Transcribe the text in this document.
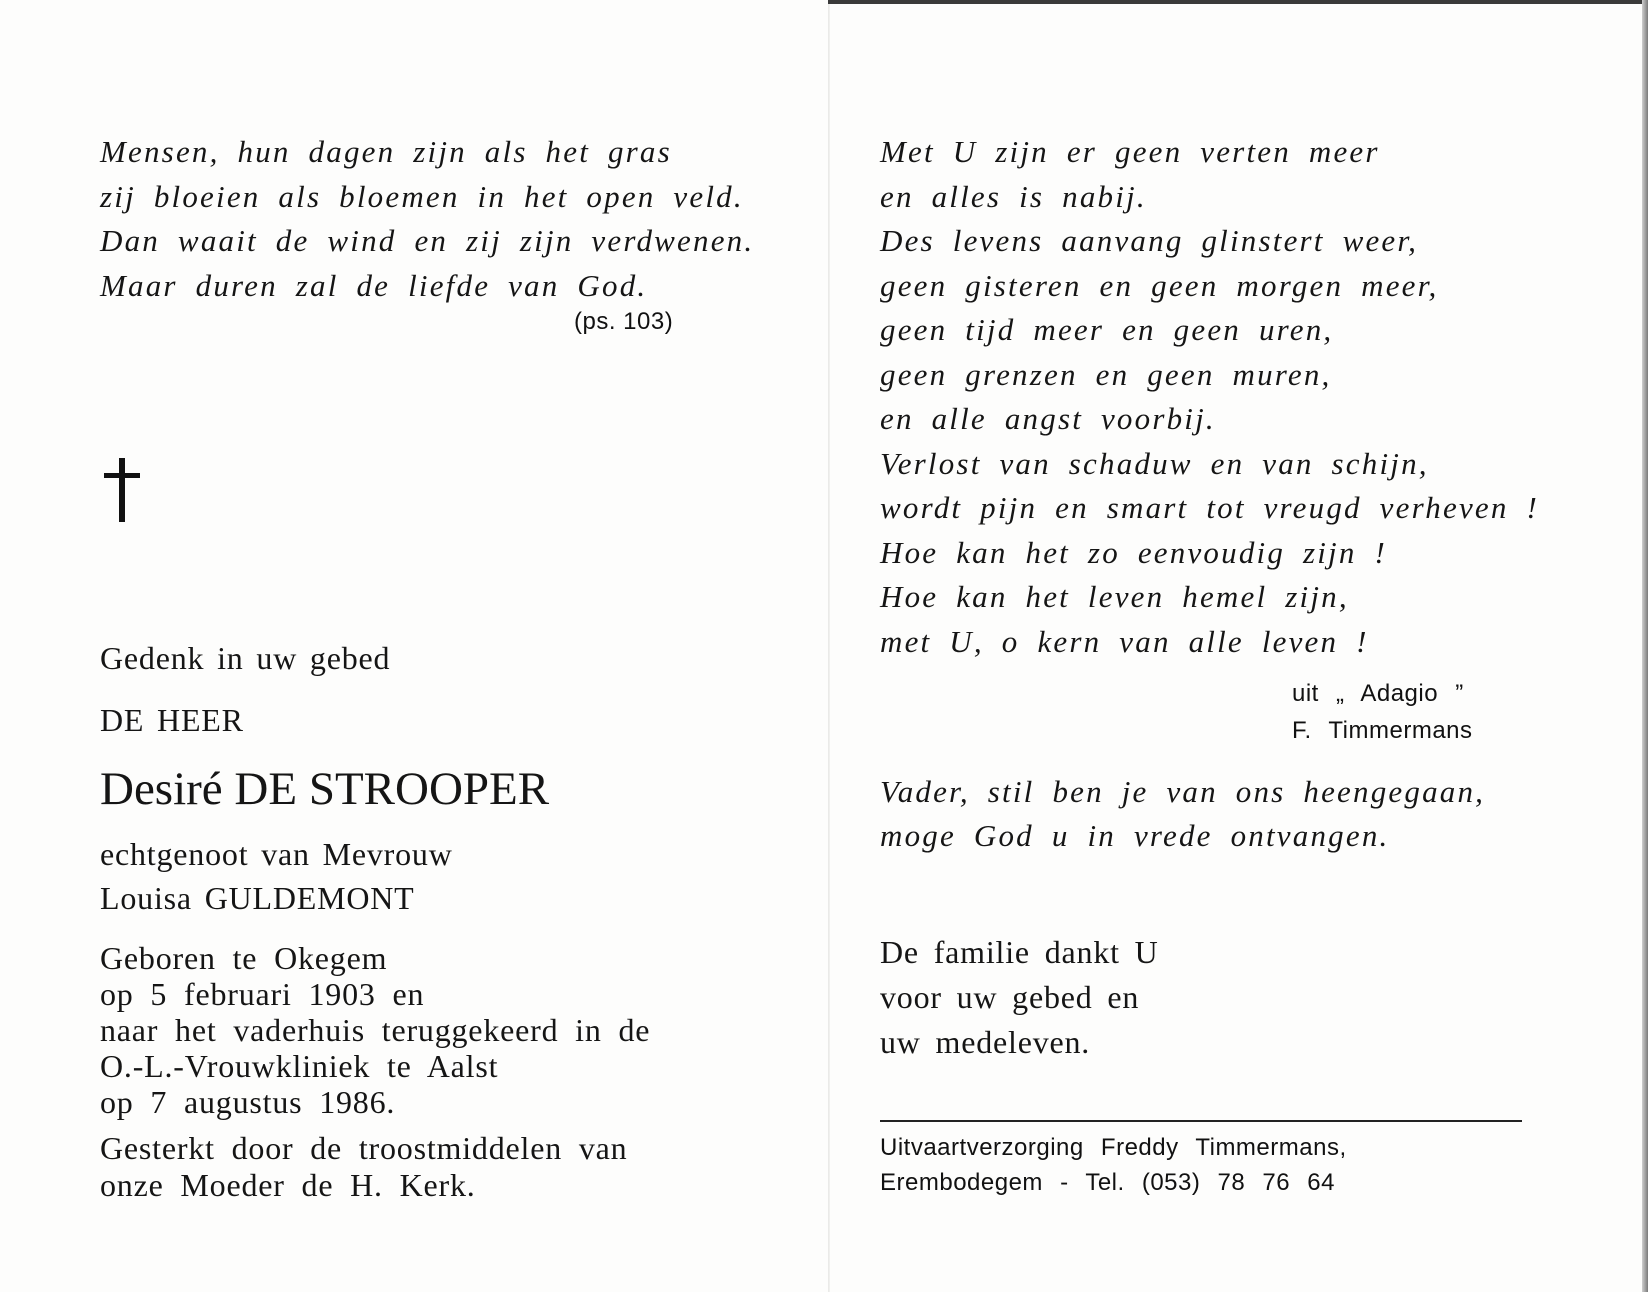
Mensen, hun dagen zijn als het gras
zij bloeien als bloemen in het open veld.
Dan waait de wind en zij zijn verdwenen.
Maar duren zal de liefde van God.
(ps. 103)
Gedenk in uw gebed
DE HEER
Desiré DE STROOPER
echtgenoot van Mevrouw
Louisa GULDEMONT
Geboren te Okegem
op 5 februari 1903 en
naar het vaderhuis teruggekeerd in de
O.-L.-Vrouwkliniek te Aalst
op 7 augustus 1986.
Gesterkt door de troostmiddelen van
onze Moeder de H. Kerk.
Met U zijn er geen verten meer
en alles is nabij.
Des levens aanvang glinstert weer,
geen gisteren en geen morgen meer,
geen tijd meer en geen uren,
geen grenzen en geen muren,
en alle angst voorbij.
Verlost van schaduw en van schijn,
wordt pijn en smart tot vreugd verheven !
Hoe kan het zo eenvoudig zijn !
Hoe kan het leven hemel zijn,
met U, o kern van alle leven !
uit „ Adagio ”
F. Timmermans
Vader, stil ben je van ons heengegaan,
moge God u in vrede ontvangen.
De familie dankt U
voor uw gebed en
uw medeleven.
Uitvaartverzorging Freddy Timmermans,
Erembodegem - Tel. (053) 78 76 64
